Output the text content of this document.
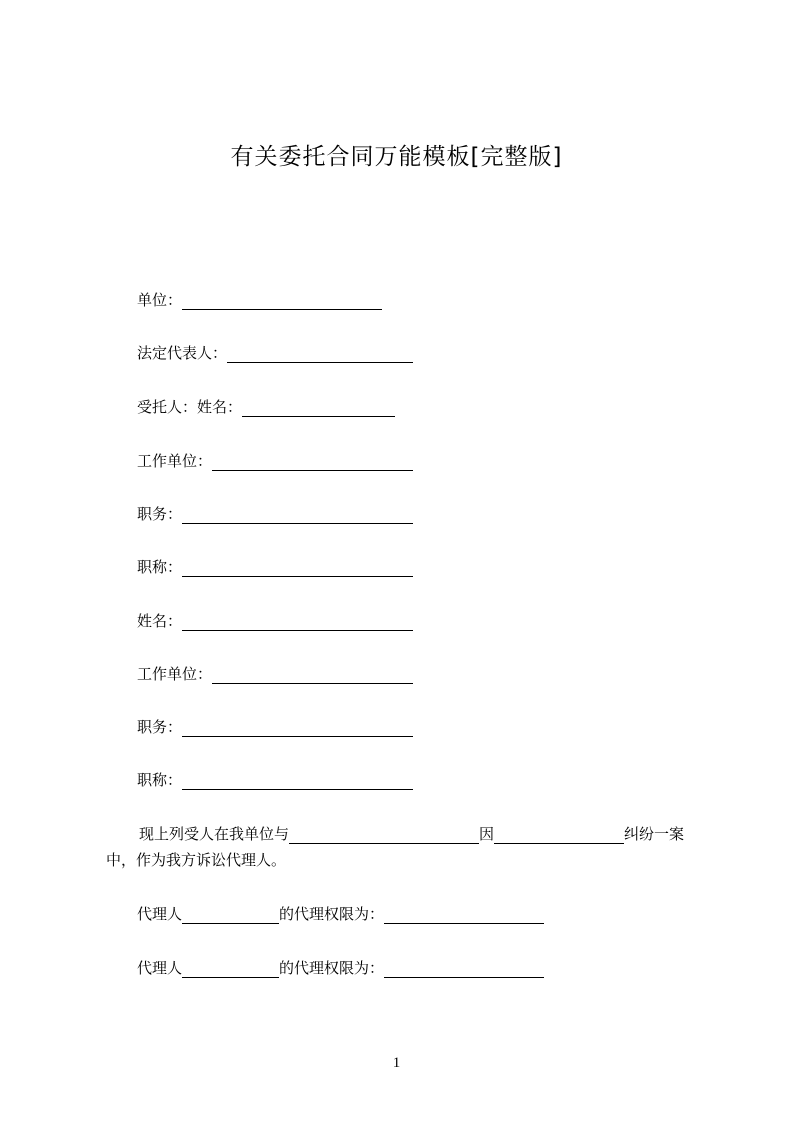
有关委托合同万能模板[完整版]
单位：
法定代表人：
受托人：姓名：
工作单位：
职务：
职称：
姓名：
工作单位：
职务：
职称：
现上列受人在我单位与	因	纠纷一案
中，作为我方诉讼代理人。
代理人	的代理权限为：
代理人	的代理权限为：
1
